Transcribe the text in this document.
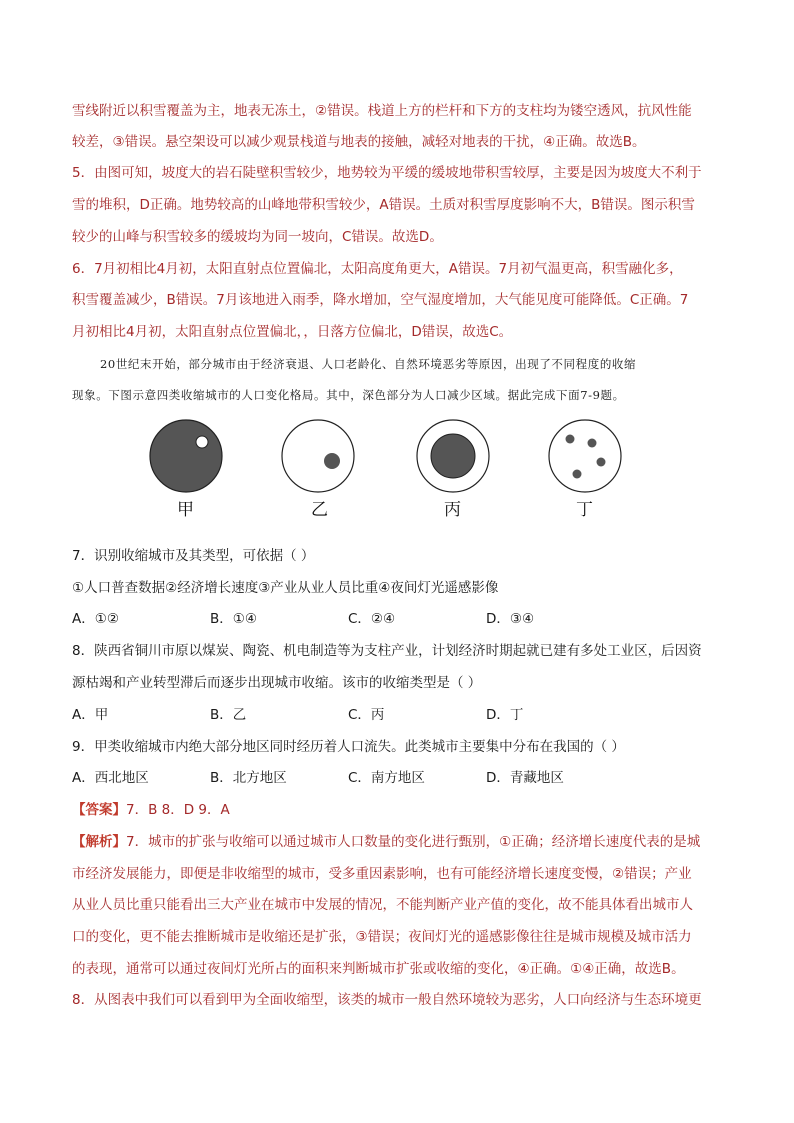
雪线附近以积雪覆盖为主，地表无冻土，②错误。栈道上方的栏杆和下方的支柱均为镂空透风，抗风性能
较差，③错误。悬空架设可以减少观景栈道与地表的接触，减轻对地表的干扰，④正确。故选B。
5．由图可知，坡度大的岩石陡壁积雪较少，地势较为平缓的缓坡地带积雪较厚，主要是因为坡度大不利于
雪的堆积，D正确。地势较高的山峰地带积雪较少，A错误。土质对积雪厚度影响不大，B错误。图示积雪
较少的山峰与积雪较多的缓坡均为同一坡向，C错误。故选D。
6．7月初相比4月初，太阳直射点位置偏北，太阳高度角更大，A错误。7月初气温更高，积雪融化多，
积雪覆盖减少，B错误。7月该地进入雨季，降水增加，空气湿度增加，大气能见度可能降低。C正确。7
月初相比4月初，太阳直射点位置偏北，，日落方位偏北，D错误，故选C。
20世纪末开始，部分城市由于经济衰退、人口老龄化、自然环境恶劣等原因，出现了不同程度的收缩
现象。下图示意四类收缩城市的人口变化格局。其中，深色部分为人口减少区域。据此完成下面7-9题。
甲	乙	丙	丁
7．识别收缩城市及其类型，可依据（ ）
①人口普查数据②经济增长速度③产业从业人员比重④夜间灯光遥感影像
A．①②	B．①④	C．②④	D．③④
8．陕西省铜川市原以煤炭、陶瓷、机电制造等为支柱产业，计划经济时期起就已建有多处工业区，后因资
源枯竭和产业转型滞后而逐步出现城市收缩。该市的收缩类型是（ ）
A．甲	B．乙	C．丙	D．丁
9．甲类收缩城市内绝大部分地区同时经历着人口流失。此类城市主要集中分布在我国的（ ）
A．西北地区	B．北方地区	C．南方地区	D．青藏地区
【答案】7．B 8．D 9．A
【解析】7．城市的扩张与收缩可以通过城市人口数量的变化进行甄别，①正确；经济增长速度代表的是城
市经济发展能力，即便是非收缩型的城市，受多重因素影响，也有可能经济增长速度变慢，②错误；产业
从业人员比重只能看出三大产业在城市中发展的情况，不能判断产业产值的变化，故不能具体看出城市人
口的变化，更不能去推断城市是收缩还是扩张，③错误；夜间灯光的遥感影像往往是城市规模及城市活力
的表现，通常可以通过夜间灯光所占的面积来判断城市扩张或收缩的变化，④正确。①④正确，故选B。
8．从图表中我们可以看到甲为全面收缩型，该类的城市一般自然环境较为恶劣，人口向经济与生态环境更
